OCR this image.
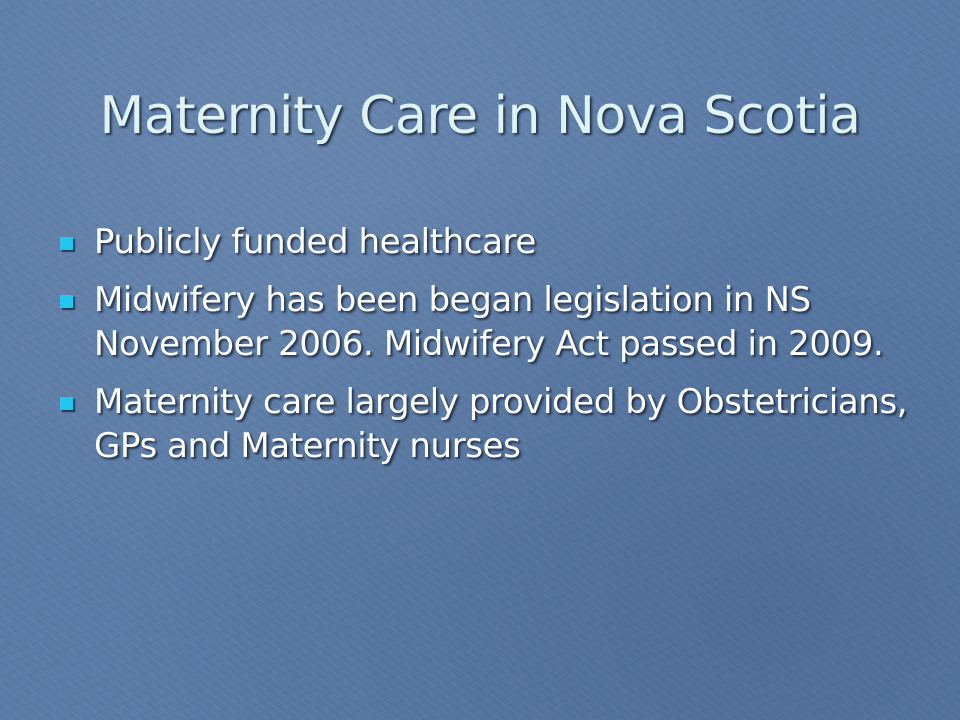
Maternity Care in Nova Scotia
Publicly funded healthcare
Midwifery has been began legislation in NS November 2006. Midwifery Act passed in 2009.
Maternity care largely provided by Obstetricians, GPs and Maternity nurses
